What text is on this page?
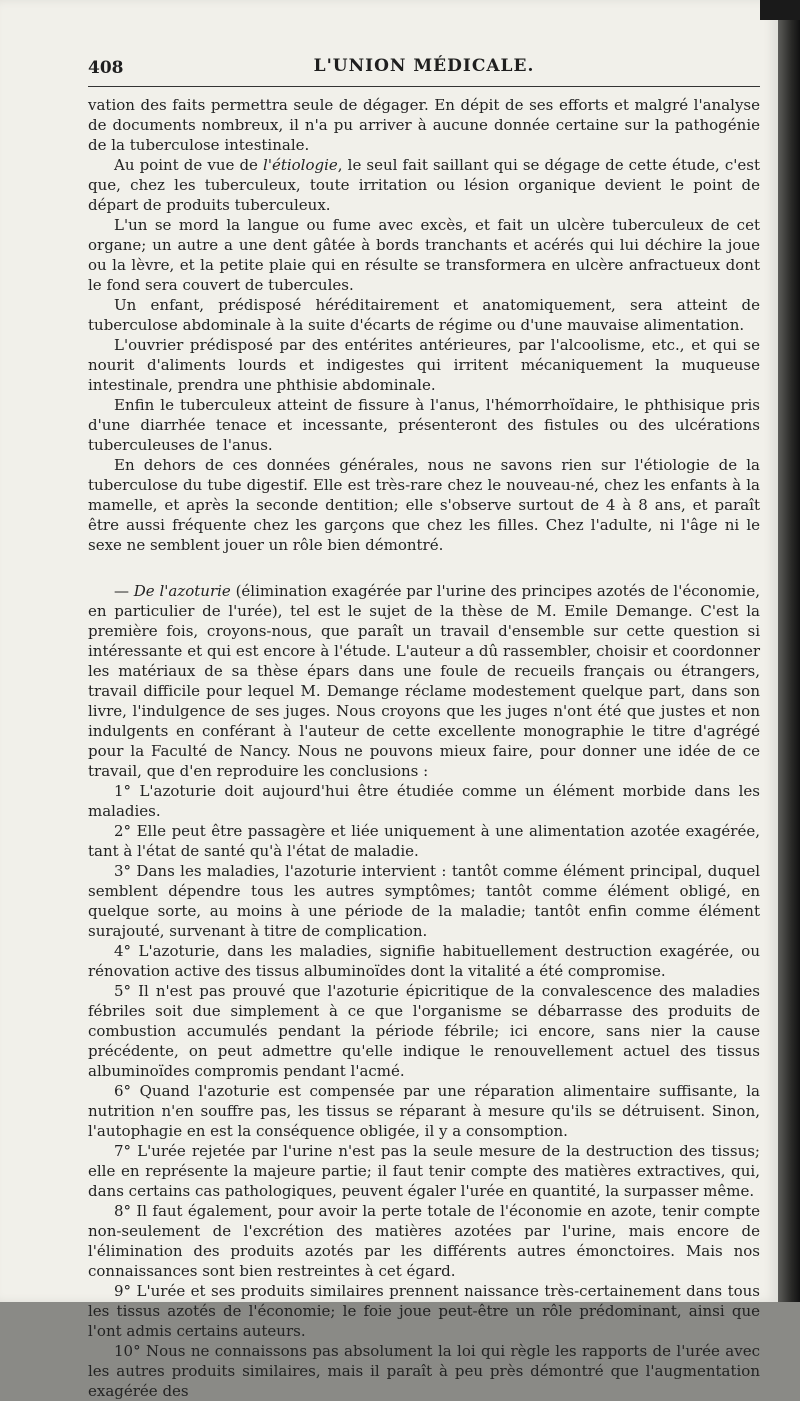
408	L'UNION MÉDICALE.

vation des faits permettra seule de dégager. En dépit de ses efforts et malgré l'analyse de documents nombreux, il n'a pu arriver à aucune donnée certaine sur la pathogénie de la tuberculose intestinale.

Au point de vue de l'étiologie, le seul fait saillant qui se dégage de cette étude, c'est que, chez les tuberculeux, toute irritation ou lésion organique devient le point de départ de produits tuberculeux.

L'un se mord la langue ou fume avec excès, et fait un ulcère tuberculeux de cet organe; un autre a une dent gâtée à bords tranchants et acérés qui lui déchire la joue ou la lèvre, et la petite plaie qui en résulte se transformera en ulcère anfractueux dont le fond sera couvert de tubercules.

Un enfant, prédisposé héréditairement et anatomiquement, sera atteint de tuberculose abdominale à la suite d'écarts de régime ou d'une mauvaise alimentation.

L'ouvrier prédisposé par des entérites antérieures, par l'alcoolisme, etc., et qui se nourit d'aliments lourds et indigestes qui irritent mécaniquement la muqueuse intestinale, prendra une phthisie abdominale.

Enfin le tuberculeux atteint de fissure à l'anus, l'hémorrhoïdaire, le phthisique pris d'une diarrhée tenace et incessante, présenteront des fistules ou des ulcérations tuberculeuses de l'anus.

En dehors de ces données générales, nous ne savons rien sur l'étiologie de la tuberculose du tube digestif. Elle est très-rare chez le nouveau-né, chez les enfants à la mamelle, et après la seconde dentition; elle s'observe surtout de 4 à 8 ans, et paraît être aussi fréquente chez les garçons que chez les filles. Chez l'adulte, ni l'âge ni le sexe ne semblent jouer un rôle bien démontré.

— De l'azoturie (élimination exagérée par l'urine des principes azotés de l'économie, en particulier de l'urée), tel est le sujet de la thèse de M. Emile Demange. C'est la première fois, croyons-nous, que paraît un travail d'ensemble sur cette question si intéressante et qui est encore à l'étude. L'auteur a dû rassembler, choisir et coordonner les matériaux de sa thèse épars dans une foule de recueils français ou étrangers, travail difficile pour lequel M. Demange réclame modestement quelque part, dans son livre, l'indulgence de ses juges. Nous croyons que les juges n'ont été que justes et non indulgents en conférant à l'auteur de cette excellente monographie le titre d'agrégé pour la Faculté de Nancy. Nous ne pouvons mieux faire, pour donner une idée de ce travail, que d'en reproduire les conclusions :

1° L'azoturie doit aujourd'hui être étudiée comme un élément morbide dans les maladies.

2° Elle peut être passagère et liée uniquement à une alimentation azotée exagérée, tant à l'état de santé qu'à l'état de maladie.

3° Dans les maladies, l'azoturie intervient : tantôt comme élément principal, duquel semblent dépendre tous les autres symptômes; tantôt comme élément obligé, en quelque sorte, au moins à une période de la maladie; tantôt enfin comme élément surajouté, survenant à titre de complication.

4° L'azoturie, dans les maladies, signifie habituellement destruction exagérée, ou rénovation active des tissus albuminoïdes dont la vitalité a été compromise.

5° Il n'est pas prouvé que l'azoturie épicritique de la convalescence des maladies fébriles soit due simplement à ce que l'organisme se débarrasse des produits de combustion accumulés pendant la période fébrile; ici encore, sans nier la cause précédente, on peut admettre qu'elle indique le renouvellement actuel des tissus albuminoïdes compromis pendant l'acmé.

6° Quand l'azoturie est compensée par une réparation alimentaire suffisante, la nutrition n'en souffre pas, les tissus se réparant à mesure qu'ils se détruisent. Sinon, l'autophagie en est la conséquence obligée, il y a consomption.

7° L'urée rejetée par l'urine n'est pas la seule mesure de la destruction des tissus; elle en représente la majeure partie; il faut tenir compte des matières extractives, qui, dans certains cas pathologiques, peuvent égaler l'urée en quantité, la surpasser même.

8° Il faut également, pour avoir la perte totale de l'économie en azote, tenir compte non-seulement de l'excrétion des matières azotées par l'urine, mais encore de l'élimination des produits azotés par les différents autres émonctoires. Mais nos connaissances sont bien restreintes à cet égard.

9° L'urée et ses produits similaires prennent naissance très-certainement dans tous les tissus azotés de l'économie; le foie joue peut-être un rôle prédominant, ainsi que l'ont admis certains auteurs.

10° Nous ne connaissons pas absolument la loi qui règle les rapports de l'urée avec les autres produits similaires, mais il paraît à peu près démontré que l'augmentation exagérée des
